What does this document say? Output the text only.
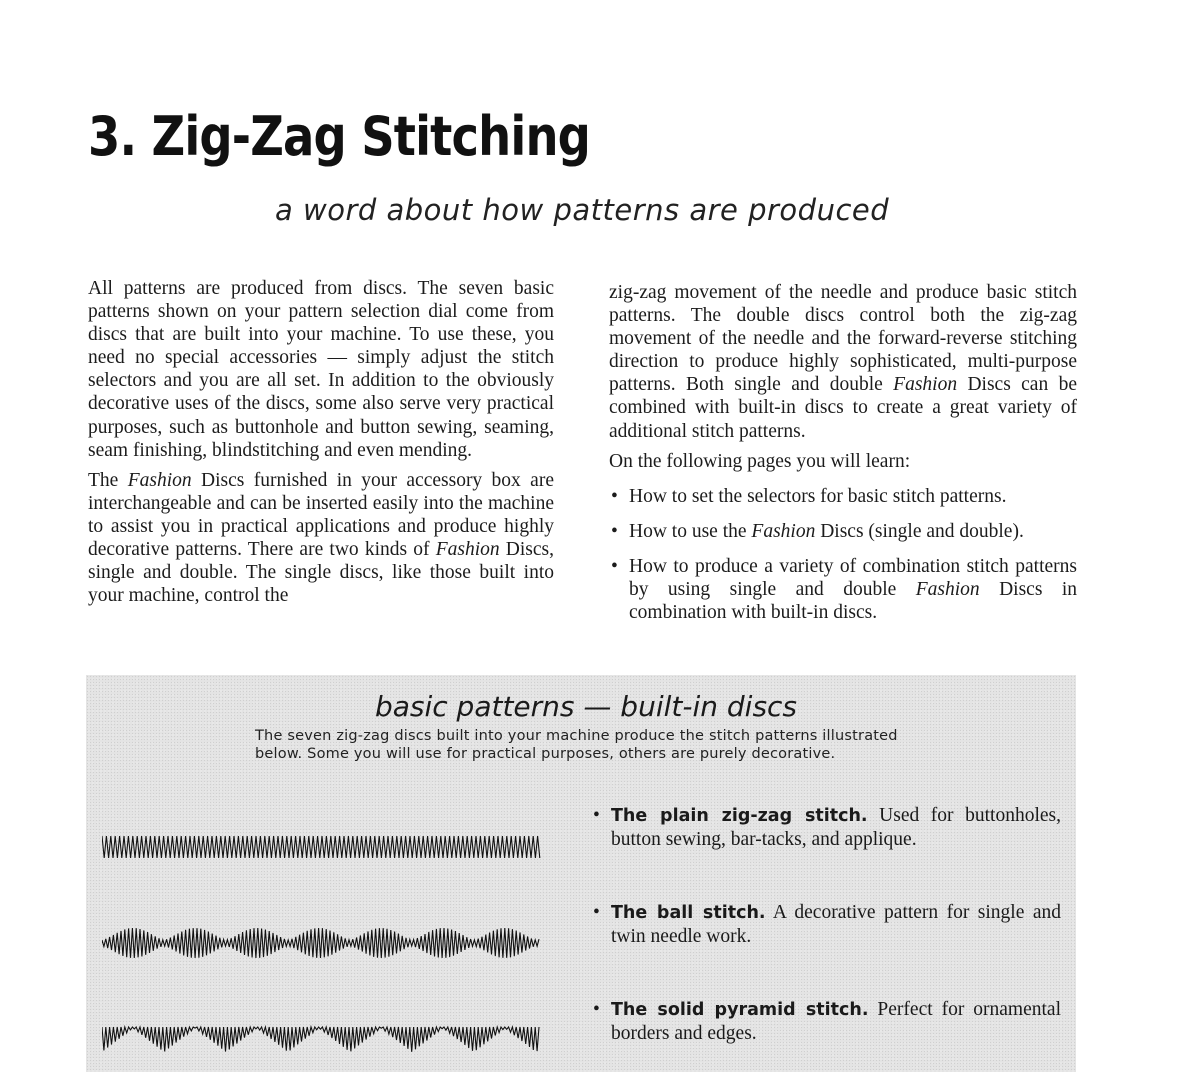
3. Zig-Zag Stitching
a word about how patterns are produced

All patterns are produced from discs. The seven basic patterns shown on your pattern selection dial come from discs that are built into your machine. To use these, you need no special accessories — simply adjust the stitch selectors and you are all set. In addition to the obviously decorative uses of the discs, some also serve very practical purposes, such as buttonhole and button sewing, seaming, seam finishing, blindstitching and even mending.

The Fashion Discs furnished in your accessory box are interchangeable and can be inserted easily into the machine to assist you in practical applications and produce highly decorative patterns. There are two kinds of Fashion Discs, single and double. The single discs, like those built into your machine, control the

zig-zag movement of the needle and produce basic stitch patterns. The double discs control both the zig-zag movement of the needle and the forward-reverse stitching direction to produce highly sophisticated, multi-purpose patterns. Both single and double Fashion Discs can be combined with built-in discs to create a great variety of additional stitch patterns.

On the following pages you will learn:

• How to set the selectors for basic stitch patterns.
• How to use the Fashion Discs (single and double).
• How to produce a variety of combination stitch patterns by using single and double Fashion Discs in combination with built-in discs.
basic patterns — built-in discs

The seven zig-zag discs built into your machine produce the stitch patterns illustrated below. Some you will use for practical purposes, others are purely decorative.

• The plain zig-zag stitch. Used for buttonholes, button sewing, bar-tacks, and applique.
• The ball stitch. A decorative pattern for single and twin needle work.
• The solid pyramid stitch. Perfect for ornamental borders and edges.
